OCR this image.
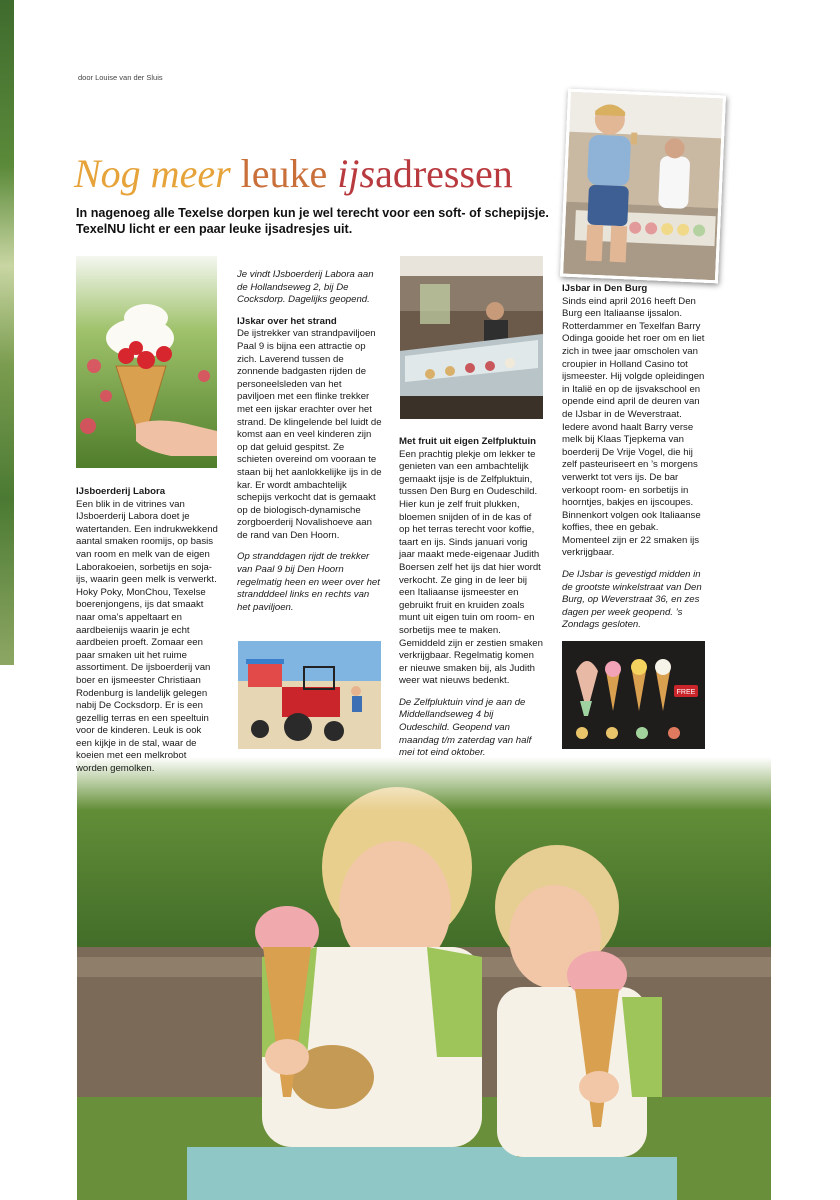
door Louise van der Sluis
Nog meer leuke ijsadressen
In nagenoeg alle Texelse dorpen kun je wel terecht voor een soft- of schepijsje. TexelNU licht er een paar leuke ijsadresjes uit.
FREE

IJsboerderij Labora

Een blik in de vitrines van IJsboerderij Labora doet je watertanden. Een indrukwekkend aantal smaken roomijs, op basis van room en melk van de eigen Laborakoeien, sorbetijs en soja-ijs, waarin geen melk is verwerkt. Hoky Poky, MonChou, Texelse boerenjongens, ijs dat smaakt naar oma’s appeltaart en aardbeienijs waarin je echt aardbeien proeft. Zomaar een paar smaken uit het ruime assortiment. De ijsboerderij van boer en ijsmeester Christiaan Rodenburg is landelijk gelegen nabij De Cocksdorp. Er is een gezellig terras en een speeltuin voor de kinderen. Leuk is ook een kijkje in de stal, waar de koeien met een melkrobot worden gemolken.

Je vindt IJsboerderij Labora aan de Hollandseweg 2, bij De Cocksdorp. Dagelijks geopend.

IJskar over het strand

De ijstrekker van strandpaviljoen Paal 9 is bijna een attractie op zich. Laverend tussen de zonnende badgasten rijden de personeelsleden van het paviljoen met een flinke trekker met een ijskar erachter over het strand. De klingelende bel luidt de komst aan en veel kinderen zijn op dat geluid gespitst. Ze schieten overeind om vooraan te staan bij het aanlokkelijke ijs in de kar. Er wordt ambachtelijk schepijs verkocht dat is gemaakt op de biologisch-dynamische zorgboerderij Novalishoeve aan de rand van Den Hoorn.

Op stranddagen rijdt de trekker van Paal 9 bij Den Hoorn regelmatig heen en weer over het strandddeel links en rechts van het paviljoen.

Met fruit uit eigen Zelfpluktuin

Een prachtig plekje om lekker te genieten van een ambachtelijk gemaakt ijsje is de Zelfpluktuin, tussen Den Burg en Oudeschild. Hier kun je zelf fruit plukken, bloemen snijden of in de kas of op het terras terecht voor koffie, taart en ijs. Sinds januari vorig jaar maakt mede-eigenaar Judith Boersen zelf het ijs dat hier wordt verkocht. Ze ging in de leer bij een Italiaanse ijsmeester en gebruikt fruit en kruiden zoals munt uit eigen tuin om room- en sorbetijs mee te maken. Gemiddeld zijn er zestien smaken verkrijgbaar. Regelmatig komen er nieuwe smaken bij, als Judith weer wat nieuws bedenkt.

De Zelfpluktuin vind je aan de Middellandseweg 4 bij Oudeschild. Geopend van maandag t/m zaterdag van half mei tot eind oktober.

IJsbar in Den Burg

Sinds eind april 2016 heeft Den Burg een Italiaanse ijssalon. Rotterdammer en Texelfan Barry Odinga gooide het roer om en liet zich in twee jaar omscholen van croupier in Holland Casino tot ijsmeester. Hij volgde opleidingen in Italië en op de ijsvakschool en opende eind april de deuren van de IJsbar in de Weverstraat. Iedere avond haalt Barry verse melk bij Klaas Tjepkema van boerderij De Vrije Vogel, die hij zelf pasteuriseert en ’s morgens verwerkt tot vers ijs. De bar verkoopt room- en sorbetijs in hoorntjes, bakjes en ijscoupes. Binnenkort volgen ook Italiaanse koffies, thee en gebak. Momenteel zijn er 22 smaken ijs verkrijgbaar.

De IJsbar is gevestigd midden in de grootste winkelstraat van Den Burg, op Weverstraat 36, en zes dagen per week geopend. ’s Zondags gesloten.
